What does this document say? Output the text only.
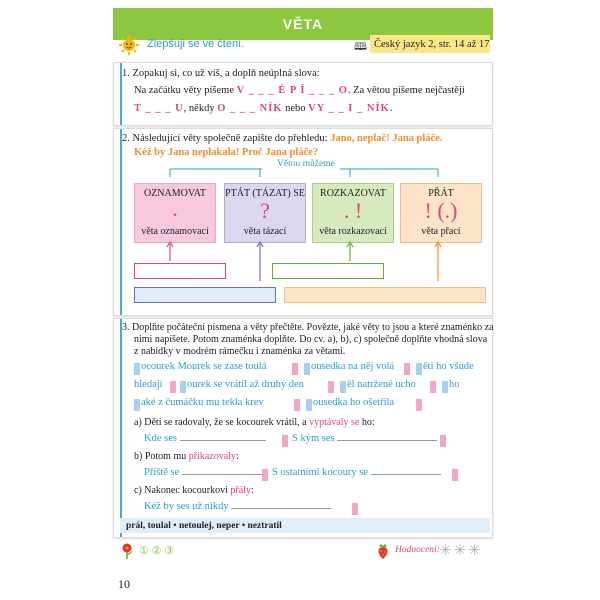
VĚTA
Zlepšuji se ve čtení.	🕮 Český jazyk 2, str. 14 až 17
1. Zopakuj si, co už víš, a doplň neúplná slova:
Na začátku věty píšeme V _ _ _ É P Í _ _ _ O. Za větou píšeme nejčastěji
T _ _ _ U, někdy O _ _ _ NÍK nebo VY _ _ I _ NÍK.
2. Následující věty společně zapište do přehledu: Jano, neplač! Jana pláče.
Kéž by Jana neplakala! Proč Jana pláče?
Větou můžeme
OZNAMOVAT
.
věta oznamovací
PTÁT (TÁZAT) SE
?
věta tázací
ROZKAZOVAT
. !
věta rozkazovací
PŘÁT
! (.)
věta přací
3. Doplňte počáteční písmena a věty přečtěte. Povězte, jaké věty to jsou a které znaménko za
nimi napíšete. Potom znaménka doplňte. Do cv. a), b), c) společně doplňte vhodná slova
z nabídky v modrém rámečku i znaménka za větami.
ocourek Mourek se zase toulá	ousedka na něj volá	ěti ho všude
hledají ourek se vrátil až druhý den	ěl natržené ucho	ho
aké z čumáčku mu tekla krev	ousedka ho ošetřila
a) Děti se radovaly, že se kocourek vrátil, a vyptávaly se ho:
Kde ses	S kým ses
b) Potom mu přikazovaly:
Příště se	S ostatními kocoury se
c) Nakonec kocourkovi přály:
Kéž by ses už nikdy
prál, toulal • netoulej, neper • neztratil
① ② ③	Hodnocení: ✳✳✳
10
